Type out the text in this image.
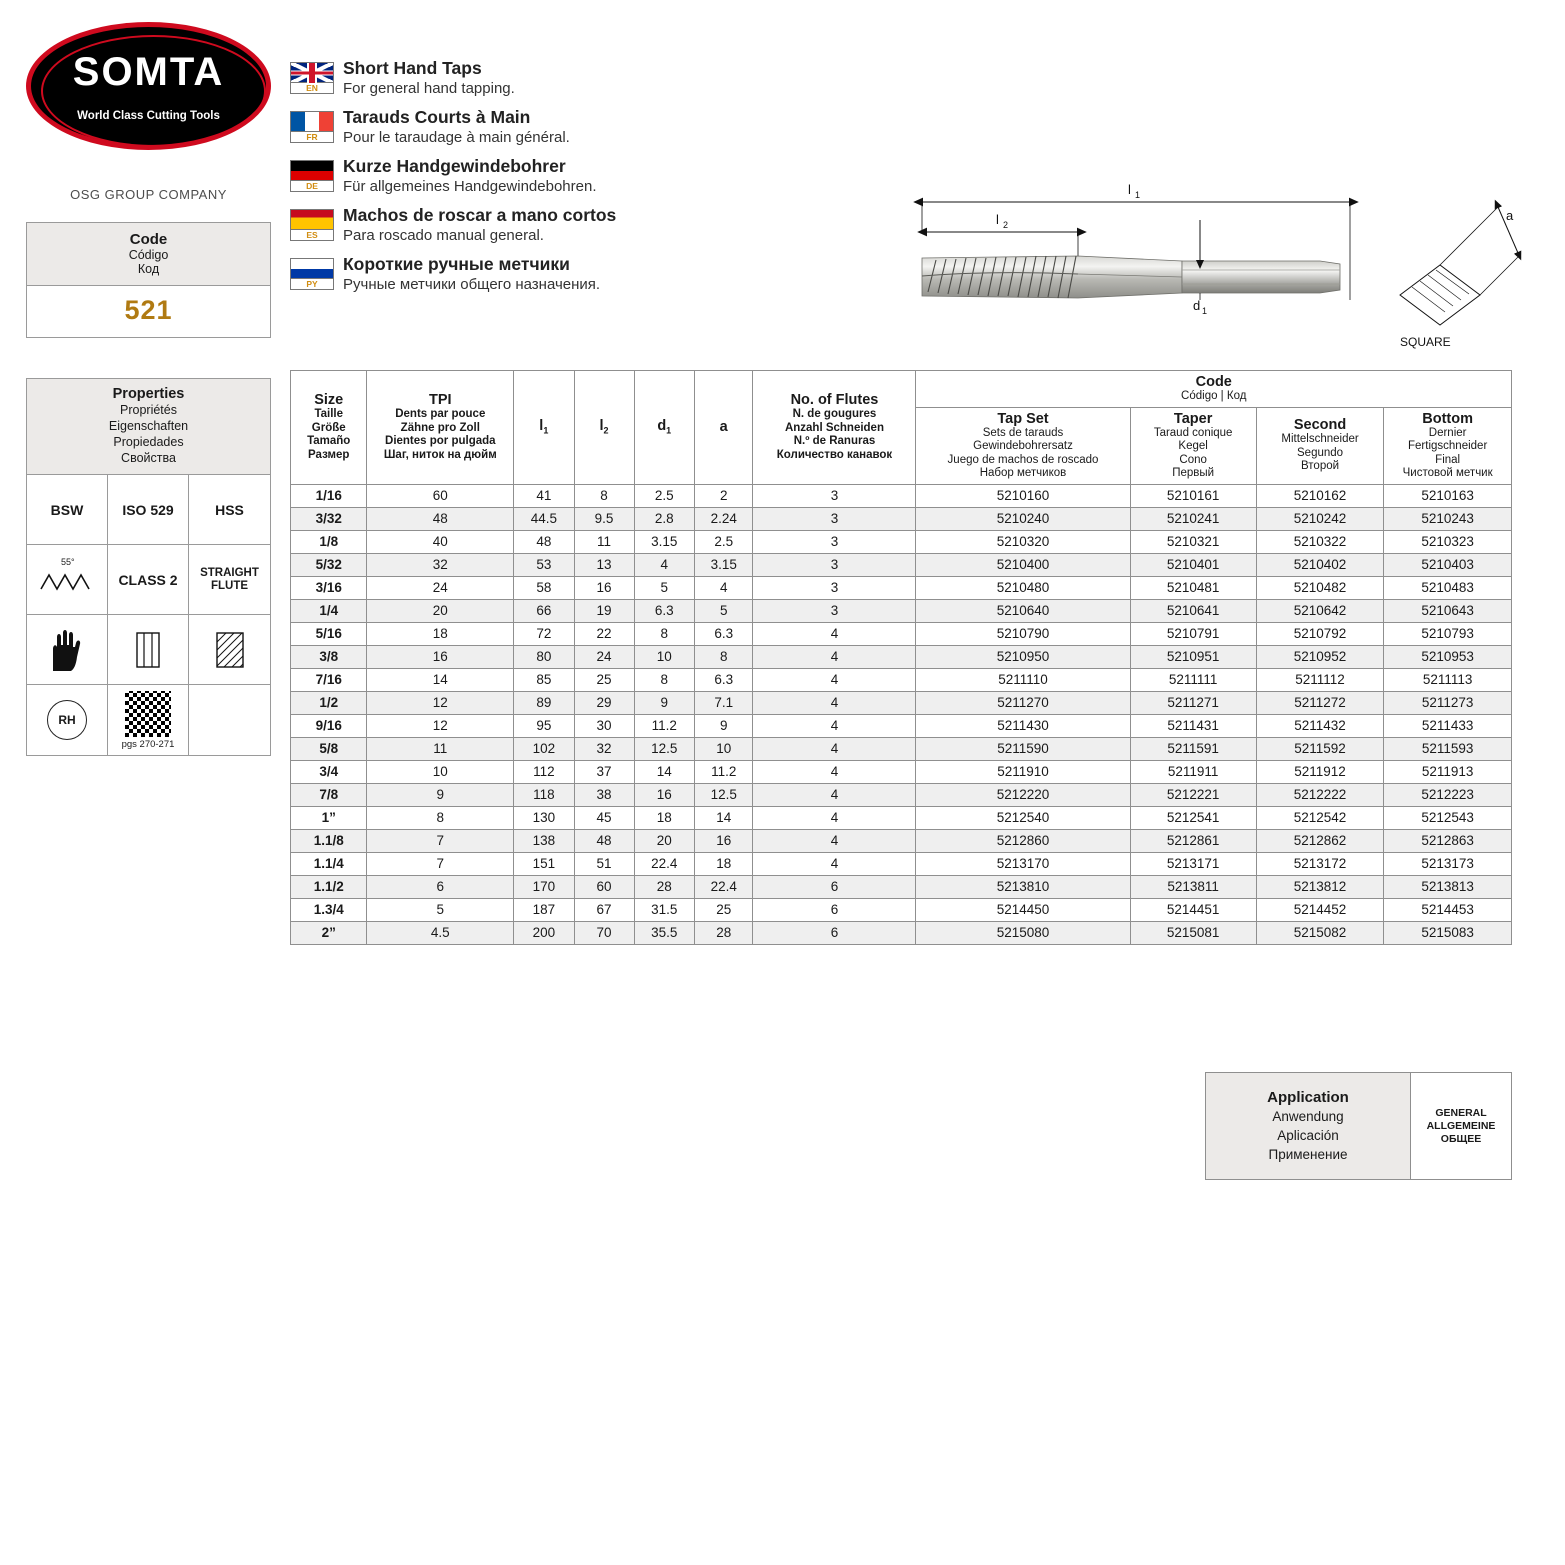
SOMTA
World Class Cutting Tools
OSG GROUP COMPANY
Code
Código
Код
521
Properties
Propriétés
Eigenschaften
Propiedades
Свойства
BSW	ISO 529	HSS
55°
CLASS 2	STRAIGHT FLUTE
RH
pgs 270-271
EN
Short Hand Taps
For general hand tapping.
FR
Tarauds Courts à Main
Pour le taraudage à main général.
DE
Kurze Handgewindebohrer
Für allgemeines Handgewindebohren.
ES
Machos de roscar a mano cortos
Para roscado manual general.
PY
Короткие ручные метчики
Ручные метчики общего назначения.
l 1
l 2
d 1
a
SQUARE
Size
Taille
Größe
Tamaño
Размер

TPI
Dents par pouce
Zähne pro Zoll
Dientes por pulgada
Шаг, ниток на дюйм
	$l_1$	$l_2$	$d_1$	a	
No. of Flutes
N. de gougures
Anzahl Schneiden
N.º de Ranuras
Количество канавок

Code
Código | Код

Tap Set
Sets de tarauds
Gewindebohrersatz
Juego de machos de roscado
Набор метчиков

Taper
Taraud conique
Kegel
Cono
Первый

Second
Mittelschneider
Segundo
Второй

Bottom
Dernier
Fertigschneider
Final
Чистовой метчик

1/16	60	41	8	2.5	2	3	5210160	5210161	5210162	5210163
3/32	48	44.5	9.5	2.8	2.24	3	5210240	5210241	5210242	5210243
1/8	40	48	11	3.15	2.5	3	5210320	5210321	5210322	5210323
5/32	32	53	13	4	3.15	3	5210400	5210401	5210402	5210403
3/16	24	58	16	5	4	3	5210480	5210481	5210482	5210483
1/4	20	66	19	6.3	5	3	5210640	5210641	5210642	5210643
5/16	18	72	22	8	6.3	4	5210790	5210791	5210792	5210793
3/8	16	80	24	10	8	4	5210950	5210951	5210952	5210953
7/16	14	85	25	8	6.3	4	5211110	5211111	5211112	5211113
1/2	12	89	29	9	7.1	4	5211270	5211271	5211272	5211273
9/16	12	95	30	11.2	9	4	5211430	5211431	5211432	5211433
5/8	11	102	32	12.5	10	4	5211590	5211591	5211592	5211593
3/4	10	112	37	14	11.2	4	5211910	5211911	5211912	5211913
7/8	9	118	38	16	12.5	4	5212220	5212221	5212222	5212223
1”	8	130	45	18	14	4	5212540	5212541	5212542	5212543
1.1/8	7	138	48	20	16	4	5212860	5212861	5212862	5212863
1.1/4	7	151	51	22.4	18	4	5213170	5213171	5213172	5213173
1.1/2	6	170	60	28	22.4	6	5213810	5213811	5213812	5213813
1.3/4	5	187	67	31.5	25	6	5214450	5214451	5214452	5214453
2”	4.5	200	70	35.5	28	6	5215080	5215081	5215082	5215083
Application
Anwendung
Aplicación
Применение
GENERAL
ALLGEMEINE
ОБЩЕЕ
